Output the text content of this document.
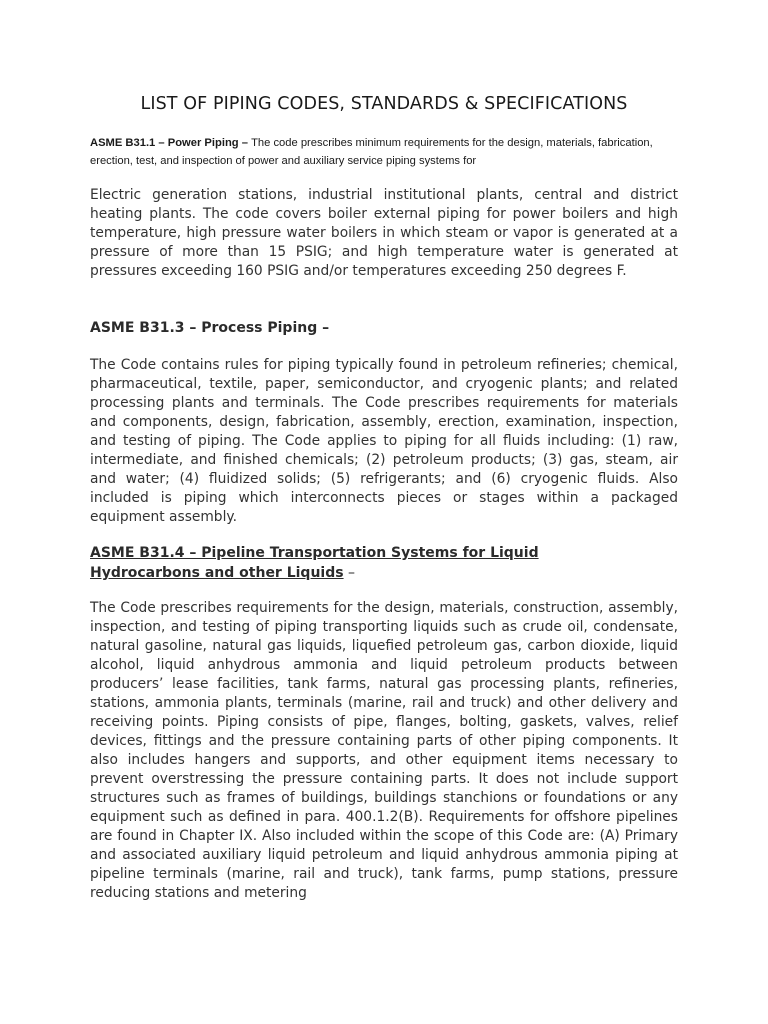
LIST OF PIPING CODES, STANDARDS & SPECIFICATIONS
ASME B31.1 – Power Piping – The code prescribes minimum requirements for the design, materials, fabrication, erection, test, and inspection of power and auxiliary service piping systems for
Electric generation stations, industrial institutional plants, central and district heating plants. The code covers boiler external piping for power boilers and high temperature, high pressure water boilers in which steam or vapor is generated at a pressure of more than 15 PSIG; and high temperature water is generated at pressures exceeding 160 PSIG and/or temperatures exceeding 250 degrees F.
ASME B31.3 – Process Piping –
The Code contains rules for piping typically found in petroleum refineries; chemical, pharmaceutical, textile, paper, semiconductor, and cryogenic plants; and related processing plants and terminals. The Code prescribes requirements for materials and components, design, fabrication, assembly, erection, examination, inspection, and testing of piping. The Code applies to piping for all fluids including: (1) raw, intermediate, and finished chemicals; (2) petroleum products; (3) gas, steam, air and water; (4) fluidized solids; (5) refrigerants; and (6) cryogenic fluids. Also included is piping which interconnects pieces or stages within a packaged equipment assembly.
ASME B31.4 – Pipeline Transportation Systems for Liquid
Hydrocarbons and other Liquids –
The Code prescribes requirements for the design, materials, construction, assembly, inspection, and testing of piping transporting liquids such as crude oil, condensate, natural gasoline, natural gas liquids, liquefied petroleum gas, carbon dioxide, liquid alcohol, liquid anhydrous ammonia and liquid petroleum products between producers’ lease facilities, tank farms, natural gas processing plants, refineries, stations, ammonia plants, terminals (marine, rail and truck) and other delivery and receiving points. Piping consists of pipe, flanges, bolting, gaskets, valves, relief devices, fittings and the pressure containing parts of other piping components. It also includes hangers and supports, and other equipment items necessary to prevent overstressing the pressure containing parts. It does not include support structures such as frames of buildings, buildings stanchions or foundations or any equipment such as defined in para. 400.1.2(B). Requirements for offshore pipelines are found in Chapter IX. Also included within the scope of this Code are: (A) Primary and associated auxiliary liquid petroleum and liquid anhydrous ammonia piping at pipeline terminals (marine, rail and truck), tank farms, pump stations, pressure reducing stations and metering
